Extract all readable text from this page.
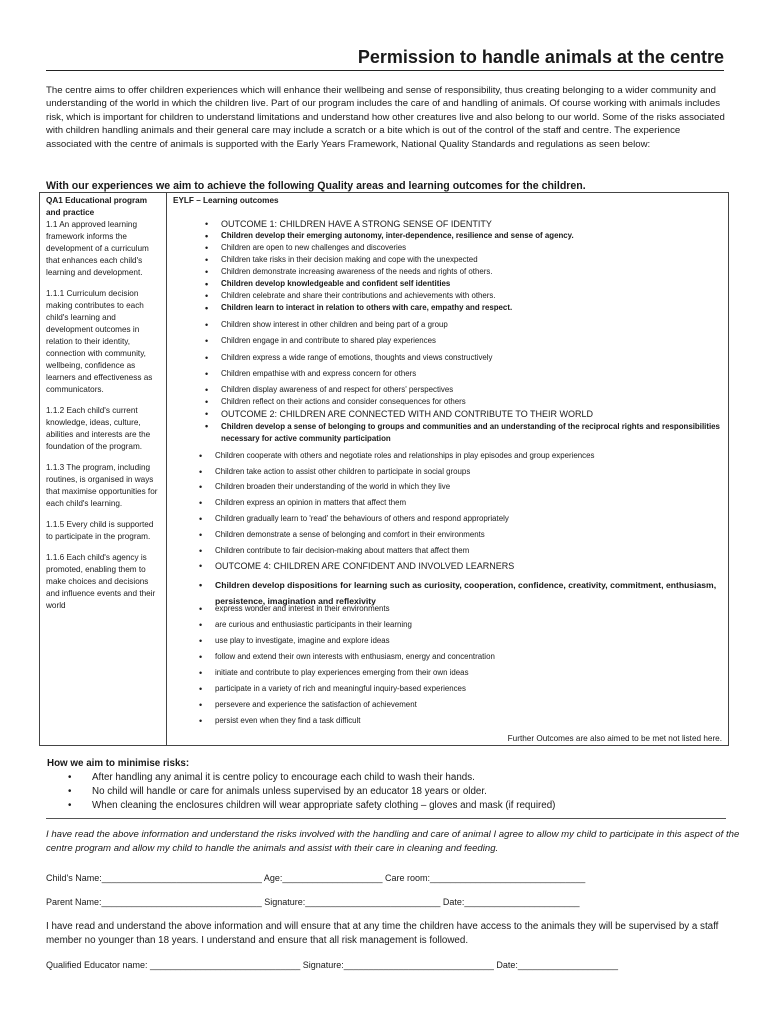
Permission to handle animals at the centre

The centre aims to offer children experiences which will enhance their wellbeing and sense of responsibility, thus creating belonging to a wider community and understanding of the world in which the children live. Part of our program includes the care of and handling of animals. Of course working with animals includes risk, which is important for children to understand limitations and understand how other creatures live and also belong to our world. Some of the risks associated with children handling animals and their general care may include a scratch or a bite which is out of the control of the staff and centre. The experience associated with the centre of animals is supported with the Early Years Framework, National Quality Standards and regulations as seen below:

With our experiences we aim to achieve the following Quality areas and learning outcomes for the children.

QA1 Educational program and practice

1.1 An approved learning framework informs the development of a curriculum that enhances each child's learning and development.

1.1.1 Curriculum decision making contributes to each child's learning and development outcomes in relation to their identity, connection with community, wellbeing, confidence as learners and effectiveness as communicators.

1.1.2 Each child's current knowledge, ideas, culture, abilities and interests are the foundation of the program.

1.1.3 The program, including routines, is organised in ways that maximise opportunities for each child's learning.

1.1.5 Every child is supported to participate in the program.

1.1.6 Each child's agency is promoted, enabling them to make choices and decisions and influence events and their world

EYLF – Learning outcomes
• OUTCOME 1: CHILDREN HAVE A STRONG SENSE OF IDENTITY
• Children develop their emerging autonomy, inter-dependence, resilience and sense of agency.
• Children are open to new challenges and discoveries
• Children take risks in their decision making and cope with the unexpected
• Children demonstrate increasing awareness of the needs and rights of others.
• Children develop knowledgeable and confident self identities
• Children celebrate and share their contributions and achievements with others.
• Children learn to interact in relation to others with care, empathy and respect.
• Children show interest in other children and being part of a group
• Children engage in and contribute to shared play experiences
• Children express a wide range of emotions, thoughts and views constructively
• Children empathise with and express concern for others
• Children display awareness of and respect for others' perspectives
• Children reflect on their actions and consider consequences for others
• OUTCOME 2: CHILDREN ARE CONNECTED WITH AND CONTRIBUTE TO THEIR WORLD
• Children develop a sense of belonging to groups and communities and an understanding of the reciprocal rights and responsibilities necessary for active community participation
• Children cooperate with others and negotiate roles and relationships in play episodes and group experiences
• Children take action to assist other children to participate in social groups
• Children broaden their understanding of the world in which they live
• Children express an opinion in matters that affect them
• Children gradually learn to 'read' the behaviours of others and respond appropriately
• Children demonstrate a sense of belonging and comfort in their environments
• Children contribute to fair decision-making about matters that affect them
• OUTCOME 4: CHILDREN ARE CONFIDENT AND INVOLVED LEARNERS
• Children develop dispositions for learning such as curiosity, cooperation, confidence, creativity, commitment, enthusiasm, persistence, imagination and reflexivity
• express wonder and interest in their environments
• are curious and enthusiastic participants in their learning
• use play to investigate, imagine and explore ideas
• follow and extend their own interests with enthusiasm, energy and concentration
• initiate and contribute to play experiences emerging from their own ideas
• participate in a variety of rich and meaningful inquiry-based experiences
• persevere and experience the satisfaction of achievement
• persist even when they find a task difficult
Further Outcomes are also aimed to be met not listed here.
How we aim to minimise risks:
• After handling any animal it is centre policy to encourage each child to wash their hands.
• No child will handle or care for animals unless supervised by an educator 18 years or older.
• When cleaning the enclosures children will wear appropriate safety clothing – gloves and mask (if required)
I have read the above information and understand the risks involved with the handling and care of animal I agree to allow my child to participate in this aspect of the centre program and allow my child to handle the animals and assist with their care in cleaning and feeding.
Child's Name:________________________________ Age:____________________ Care room:_______________________________
Parent Name:________________________________ Signature:___________________________ Date:_______________________
I have read and understand the above information and will ensure that at any time the children have access to the animals they will be supervised by a staff member no younger than 18 years. I understand and ensure that all risk management is followed.
Qualified Educator name: ______________________________ Signature:______________________________ Date:____________________
